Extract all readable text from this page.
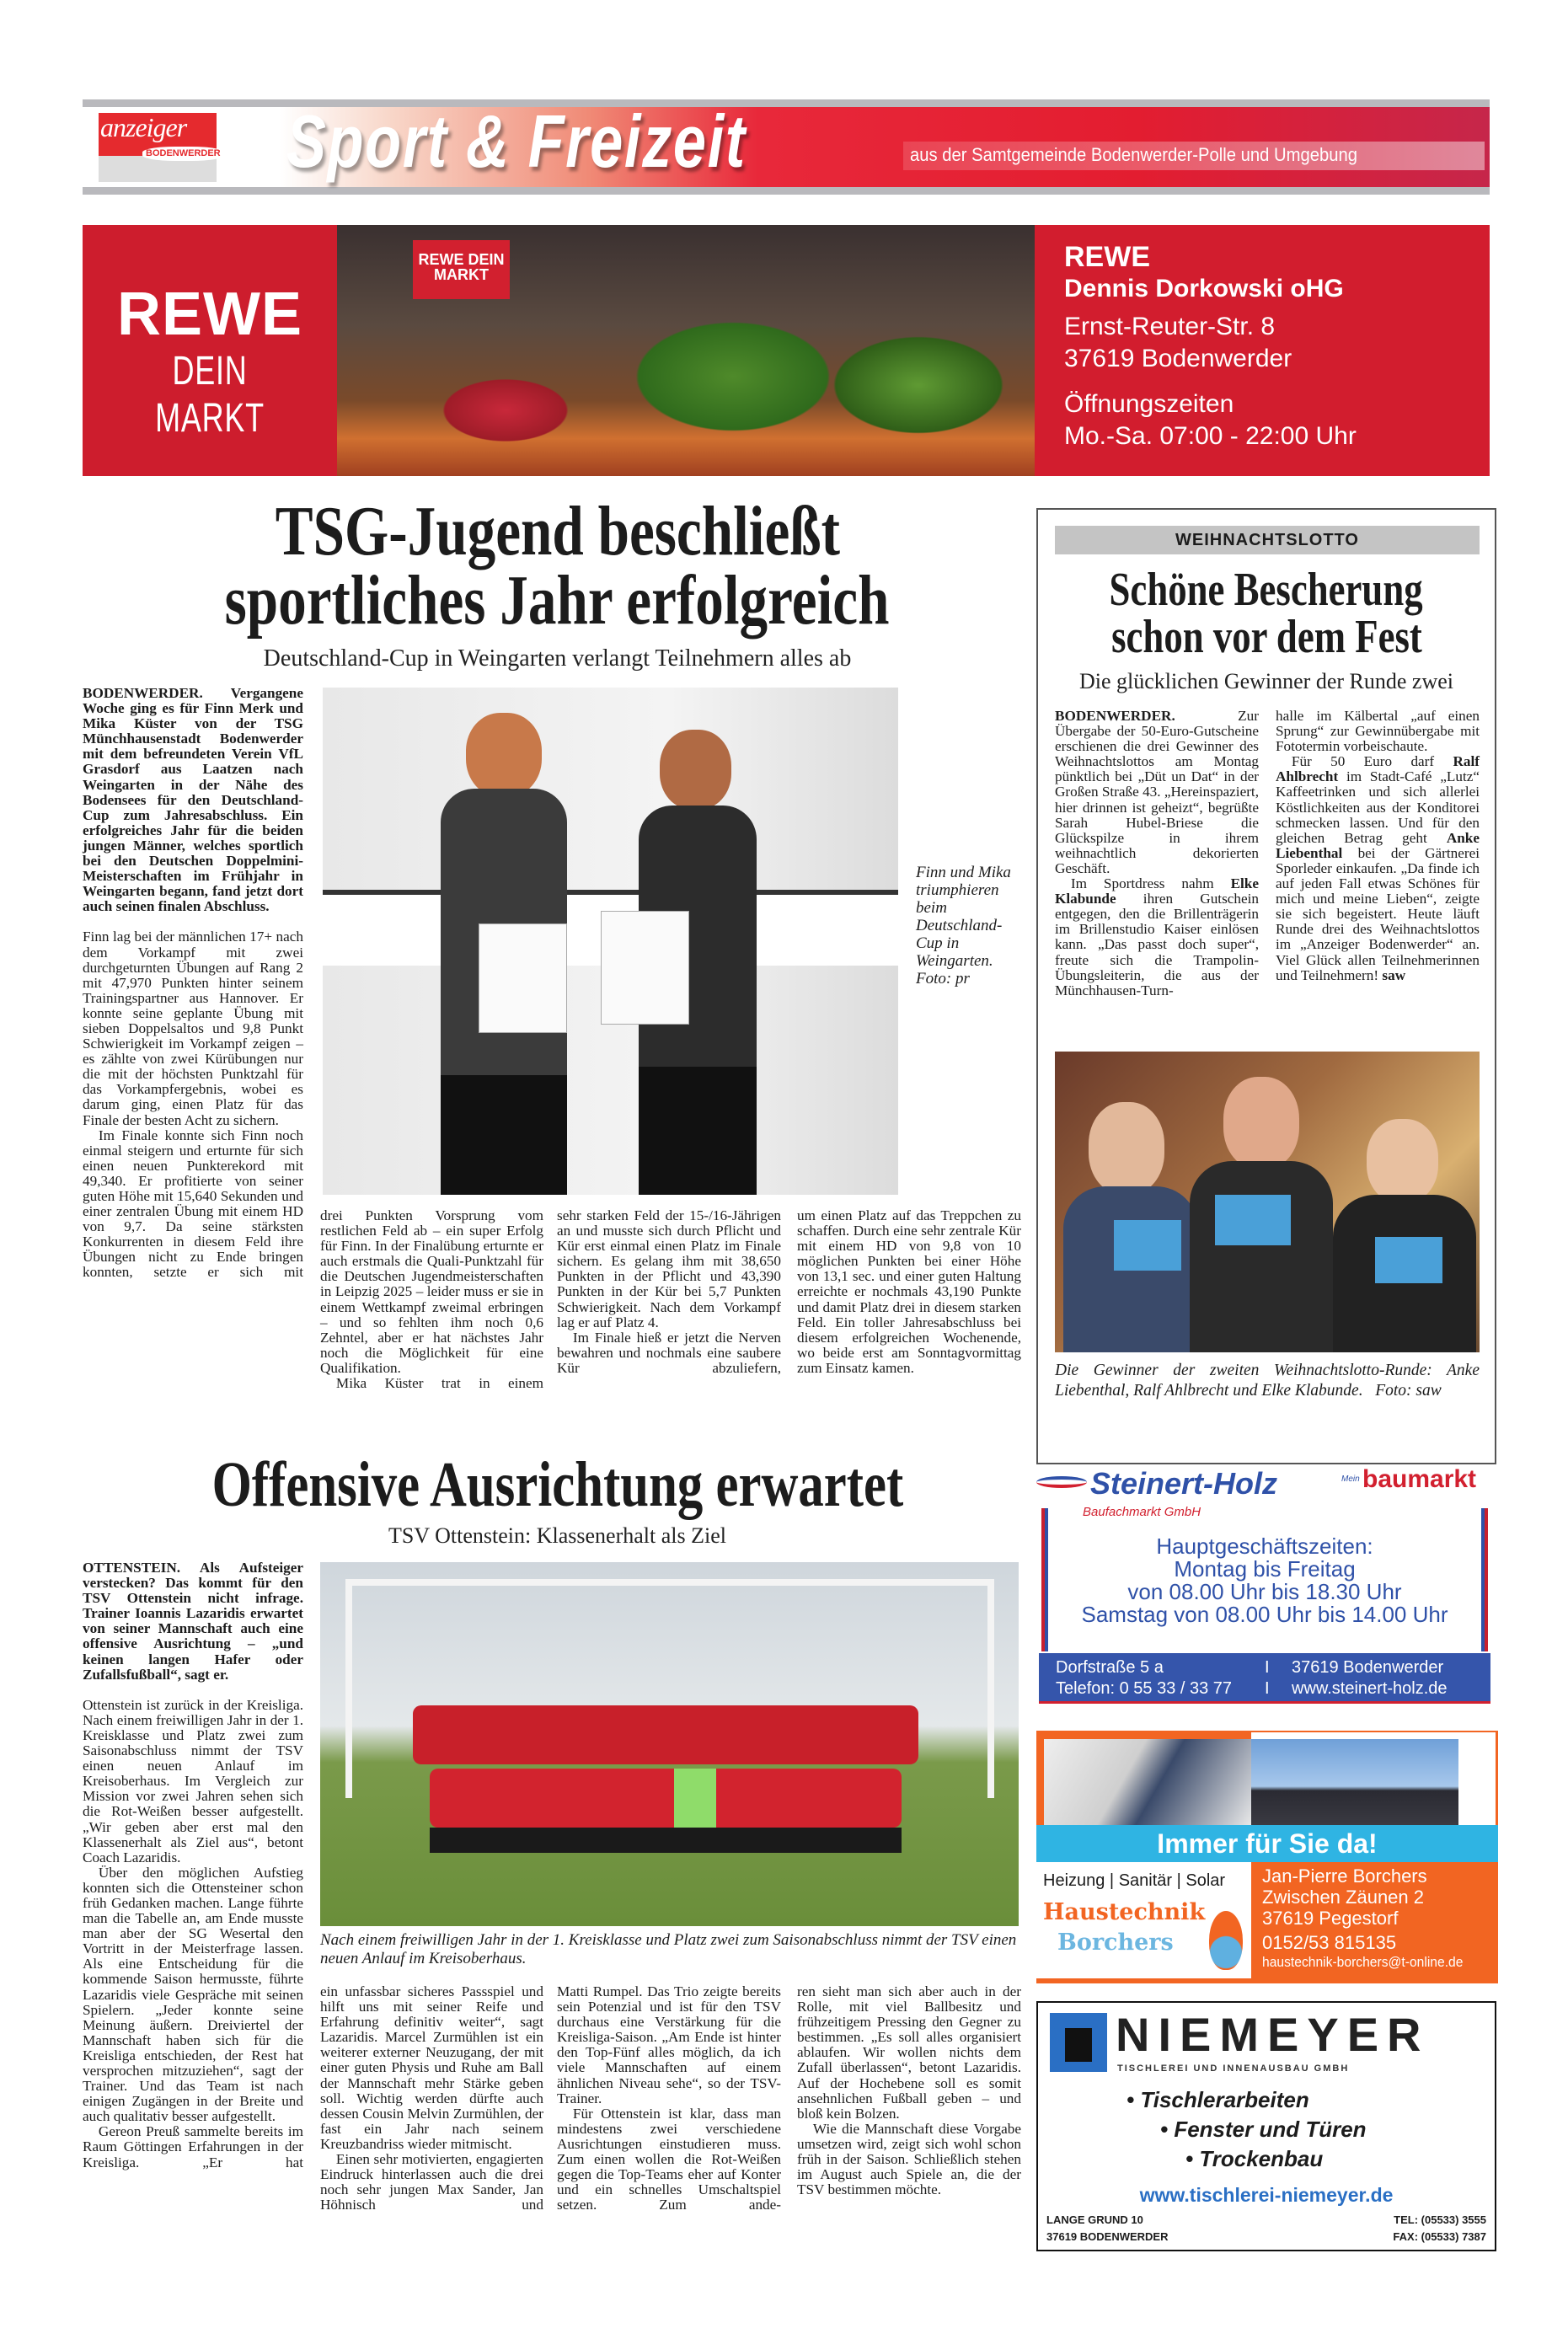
anzeiger
BODENWERDER Sport & Freizeit	aus der Samtgemeinde Bodenwerder-Polle und Umgebung
REWE
DEIN MARKT
REWE DEIN MARKT
REWE
Dennis Dorkowski oHG
Ernst-Reuter-Str. 8
37619 Bodenwerder
Öffnungszeiten
Mo.-Sa. 07:00 - 22:00 Uhr
TSG-Jugend beschließt
sportliches Jahr erfolgreich
Deutschland-Cup in Weingarten verlangt Teilnehmern alles ab

BODENWERDER. Vergangene Woche ging es für Finn Merk und Mika Küster von der TSG Münchhausenstadt Bodenwerder mit dem befreundeten Verein VfL Grasdorf aus Laatzen nach Weingarten in der Nähe des Bodensees für den Deutschland-Cup zum Jahresabschluss. Ein erfolgreiches Jahr für die beiden jungen Männer, welches sportlich bei den Deutschen Doppelmini-Meisterschaften im Frühjahr in Weingarten begann, fand jetzt dort auch seinen finalen Abschluss.

Finn lag bei der männlichen 17+ nach dem Vorkampf mit zwei durchgeturnten Übungen auf Rang 2 mit 47,970 Punkten hinter seinem Trainingspartner aus Hannover. Er konnte seine geplante Übung mit sieben Doppelsaltos und 9,8 Punkt Schwierigkeit im Vorkampf zeigen – es zählte von zwei Kürübungen nur die mit der höchsten Punktzahl für das Vorkampfergebnis, wobei es darum ging, einen Platz für das Finale der besten Acht zu sichern.

Im Finale konnte sich Finn noch einmal steigern und erturnte für sich einen neuen Punkterekord mit 49,340. Er profitierte von seiner guten Höhe mit 15,640 Sekunden und einer zentralen Übung mit einem HD von 9,7. Da seine stärksten Konkurrenten in diesem Feld ihre Übungen nicht zu Ende bringen konnten, setzte er sich mit

Finn und Mika triumphieren beim Deutschland-Cup in Weingarten. Foto: pr

drei Punkten Vorsprung vom restlichen Feld ab – ein super Erfolg für Finn. In der Finalübung erturnte er auch erstmals die Quali-Punktzahl für die Deutschen Jugendmeisterschaften in Leipzig 2025 – leider muss er sie in einem Wettkampf zweimal erbringen – und so fehlten ihm noch 0,6 Zehntel, aber er hat nächstes Jahr noch die Möglichkeit für eine Qualifikation.

Mika Küster trat in einem

sehr starken Feld der 15-/16-Jährigen an und musste sich durch Pflicht und Kür erst einmal einen Platz im Finale sichern. Es gelang ihm mit 38,650 Punkten in der Pflicht und 43,390 Punkten in der Kür bei 5,7 Punkten Schwierigkeit. Nach dem Vorkampf lag er auf Platz 4.

Im Finale hieß er jetzt die Nerven bewahren und nochmals eine saubere Kür abzuliefern,

um einen Platz auf das Treppchen zu schaffen. Durch eine sehr zentrale Kür mit einem HD von 9,8 von 10 möglichen Punkten bei einer Höhe von 13,1 sec. und einer guten Haltung erreichte er nochmals 43,190 Punkte und damit Platz drei in diesem starken Feld. Ein toller Jahresabschluss bei diesem erfolgreichen Wochenende, wo beide erst am Sonntagvormittag zum Einsatz kamen.

WEIHNACHTSLOTTO
Schöne Bescherung
schon vor dem Fest
Die glücklichen Gewinner der Runde zwei

BODENWERDER. Zur Übergabe der 50-Euro-Gutscheine erschienen die drei Gewinner des Weihnachtslottos am Montag pünktlich bei „Düt un Dat“ in der Großen Straße 43. „Hereinspaziert, hier drinnen ist geheizt“, begrüßte Sarah Hubel-Briese die Glückspilze in ihrem weihnachtlich dekorierten Geschäft.

Im Sportdress nahm Elke Klabunde ihren Gutschein entgegen, den die Brillenträgerin im Brillenstudio Kaiser einlösen kann. „Das passt doch super“, freute sich die Trampolin-Übungsleiterin, die aus der Münchhausen-Turn-

halle im Kälbertal „auf einen Sprung“ zur Gewinnübergabe mit Fototermin vorbeischaute.

Für 50 Euro darf Ralf Ahlbrecht im Stadt-Café „Lutz“ Kaffeetrinken und sich allerlei Köstlichkeiten aus der Konditorei schmecken lassen. Und für den gleichen Betrag geht Anke Liebenthal bei der Gärtnerei Sporleder einkaufen. „Da finde ich auf jeden Fall etwas Schönes für mich und meine Lieben“, zeigte sie sich begeistert. Heute läuft Runde drei des Weihnachtslottos im „Anzeiger Bodenwerder“ an. Viel Glück allen Teilnehmerinnen und Teilnehmern! saw

Die Gewinner der zweiten Weihnachtslotto-Runde: Anke Liebenthal, Ralf Ahlbrecht und Elke Klabunde.   Foto: saw
Offensive Ausrichtung erwartet
TSV Ottenstein: Klassenerhalt als Ziel

OTTENSTEIN. Als Aufsteiger verstecken? Das kommt für den TSV Ottenstein nicht infrage. Trainer Ioannis Lazaridis erwartet von seiner Mannschaft auch eine offensive Ausrichtung – „und keinen langen Hafer oder Zufallsfußball“, sagt er.

Ottenstein ist zurück in der Kreisliga. Nach einem freiwilligen Jahr in der 1. Kreisklasse und Platz zwei zum Saisonabschluss nimmt der TSV einen neuen Anlauf im Kreisoberhaus. Im Vergleich zur Mission vor zwei Jahren sehen sich die Rot-Weißen besser aufgestellt. „Wir geben aber erst mal den Klassenerhalt als Ziel aus“, betont Coach Lazaridis.

Über den möglichen Aufstieg konnten sich die Ottensteiner schon früh Gedanken machen. Lange führte man die Tabelle an, am Ende musste man aber der SG Wesertal den Vortritt in der Meisterfrage lassen. Als eine Entscheidung für die kommende Saison hermusste, führte Lazaridis viele Gespräche mit seinen Spielern. „Jeder konnte seine Meinung äußern. Dreiviertel der Mannschaft haben sich für die Kreisliga entschieden, der Rest hat versprochen mitzuziehen“, sagt der Trainer. Und das Team ist nach einigen Zugängen in der Breite und auch qualitativ besser aufgestellt.

Gereon Preuß sammelte bereits im Raum Göttingen Erfahrungen in der Kreisliga. „Er hat

Nach einem freiwilligen Jahr in der 1. Kreisklasse und Platz zwei zum Saisonabschluss nimmt der TSV einen neuen Anlauf im Kreisoberhaus.

ein unfassbar sicheres Passspiel und hilft uns mit seiner Reife und Erfahrung definitiv weiter“, sagt Lazaridis. Marcel Zurmühlen ist ein weiterer externer Neuzugang, der mit einer guten Physis und Ruhe am Ball der Mannschaft mehr Stärke geben soll. Wichtig werden dürfte auch dessen Cousin Melvin Zurmühlen, der fast ein Jahr nach seinem Kreuzbandriss wieder mitmischt.

Einen sehr motivierten, engagierten Eindruck hinterlassen auch die drei noch sehr jungen Max Sander, Jan Höhnisch und

Matti Rumpel. Das Trio zeigte bereits sein Potenzial und ist für den TSV durchaus eine Verstärkung für die Kreisliga-Saison. „Am Ende ist hinter den Top-Fünf alles möglich, da ich viele Mannschaften auf einem ähnlichen Niveau sehe“, so der TSV-Trainer.

Für Ottenstein ist klar, dass man mindestens zwei verschiedene Ausrichtungen einstudieren muss. Zum einen wollen die Rot-Weißen gegen die Top-Teams eher auf Konter und ein schnelles Umschaltspiel setzen. Zum ande-

ren sieht man sich aber auch in der Rolle, mit viel Ballbesitz und frühzeitigem Pressing den Gegner zu bestimmen. „Es soll alles organisiert ablaufen. Wir wollen nichts dem Zufall überlassen“, betont Lazaridis. Auf der Hochebene soll es somit ansehnlichen Fußball geben – und bloß kein Bolzen.

Wie die Mannschaft diese Vorgabe umsetzen wird, zeigt sich wohl schon früh in der Saison. Schließlich stehen im August auch Spiele an, die der TSV bestimmen möchte.

Steinert-Holz
Baufachmarkt GmbH
Mein baumarkt
Hauptgeschäftszeiten:
Montag bis Freitag
von 08.00 Uhr bis 18.30 Uhr
Samstag von 08.00 Uhr bis 14.00 Uhr
Dorfstraße 5 a
Telefon: 0 55 33 / 33 77
I
I
37619 Bodenwerder
www.steinert-holz.de
Immer für Sie da!
Heizung | Sanitär | Solar
Haustechnik
Borchers
Jan-Pierre Borchers
Zwischen Zäunen 2
37619 Pegestorf
0152/53 815135
haustechnik-borchers@t-online.de
NIEMEYER
TISCHLEREI UND INNENAUSBAU GMBH
• Tischlerarbeiten
• Fenster und Türen
• Trockenbau
www.tischlerei-niemeyer.de
LANGE GRUND 10
37619 BODENWERDER
TEL: (05533) 3555
FAX: (05533) 7387
